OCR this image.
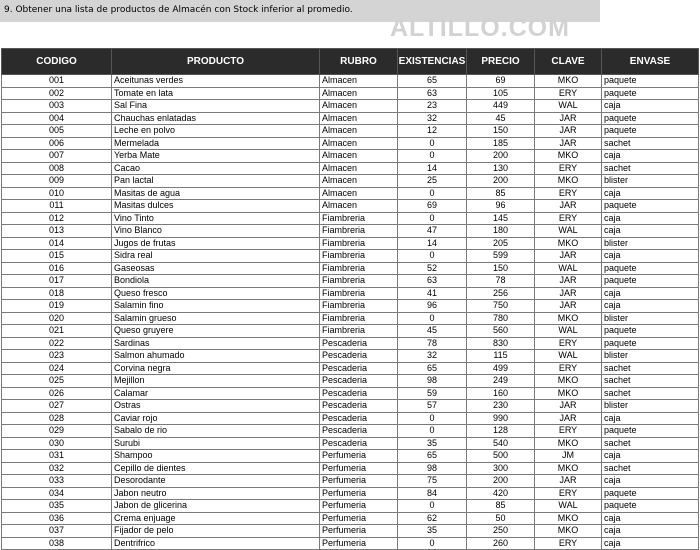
9. Obtener una lista de productos de Almacén con Stock inferior al promedio.
ALTILLO.COM
CODIGO	PRODUCTO	RUBRO	EXISTENCIAS	PRECIO	CLAVE	ENVASE
001	Aceitunas verdes	Almacen	65	69	MKO	paquete
002	Tomate en lata	Almacen	63	105	ERY	paquete
003	Sal Fina	Almacen	23	449	WAL	caja
004	Chauchas enlatadas	Almacen	32	45	JAR	paquete
005	Leche en polvo	Almacen	12	150	JAR	paquete
006	Mermelada	Almacen	0	185	JAR	sachet
007	Yerba Mate	Almacen	0	200	MKO	caja
008	Cacao	Almacen	14	130	ERY	sachet
009	Pan lactal	Almacen	25	200	MKO	blister
010	Masitas de agua	Almacen	0	85	ERY	caja
011	Masitas dulces	Almacen	69	96	JAR	paquete
012	Vino Tinto	Fiambreria	0	145	ERY	caja
013	Vino Blanco	Fiambreria	47	180	WAL	caja
014	Jugos de frutas	Fiambreria	14	205	MKO	blister
015	Sidra real	Fiambreria	0	599	JAR	caja
016	Gaseosas	Fiambreria	52	150	WAL	paquete
017	Bondiola	Fiambreria	63	78	JAR	paquete
018	Queso fresco	Fiambreria	41	256	JAR	caja
019	Salamin fino	Fiambreria	96	750	JAR	caja
020	Salamin grueso	Fiambreria	0	780	MKO	blister
021	Queso gruyere	Fiambreria	45	560	WAL	paquete
022	Sardinas	Pescaderia	78	830	ERY	paquete
023	Salmon ahumado	Pescaderia	32	115	WAL	blister
024	Corvina negra	Pescaderia	65	499	ERY	sachet
025	Mejillon	Pescaderia	98	249	MKO	sachet
026	Calamar	Pescaderia	59	160	MKO	sachet
027	Ostras	Pescaderia	57	230	JAR	blister
028	Caviar rojo	Pescaderia	0	990	JAR	caja
029	Sabalo de rio	Pescaderia	0	128	ERY	paquete
030	Surubi	Pescaderia	35	540	MKO	sachet
031	Shampoo	Perfumeria	65	500	JM	caja
032	Cepillo de dientes	Perfumeria	98	300	MKO	sachet
033	Desorodante	Perfumeria	75	200	JAR	caja
034	Jabon neutro	Perfumeria	84	420	ERY	paquete
035	Jabon de glicerina	Perfumeria	0	85	WAL	paquete
036	Crema enjuage	Perfumeria	62	50	MKO	caja
037	Fijador de pelo	Perfumeria	35	250	MKO	caja
038	Dentrifrico	Perfumeria	0	260	ERY	caja
